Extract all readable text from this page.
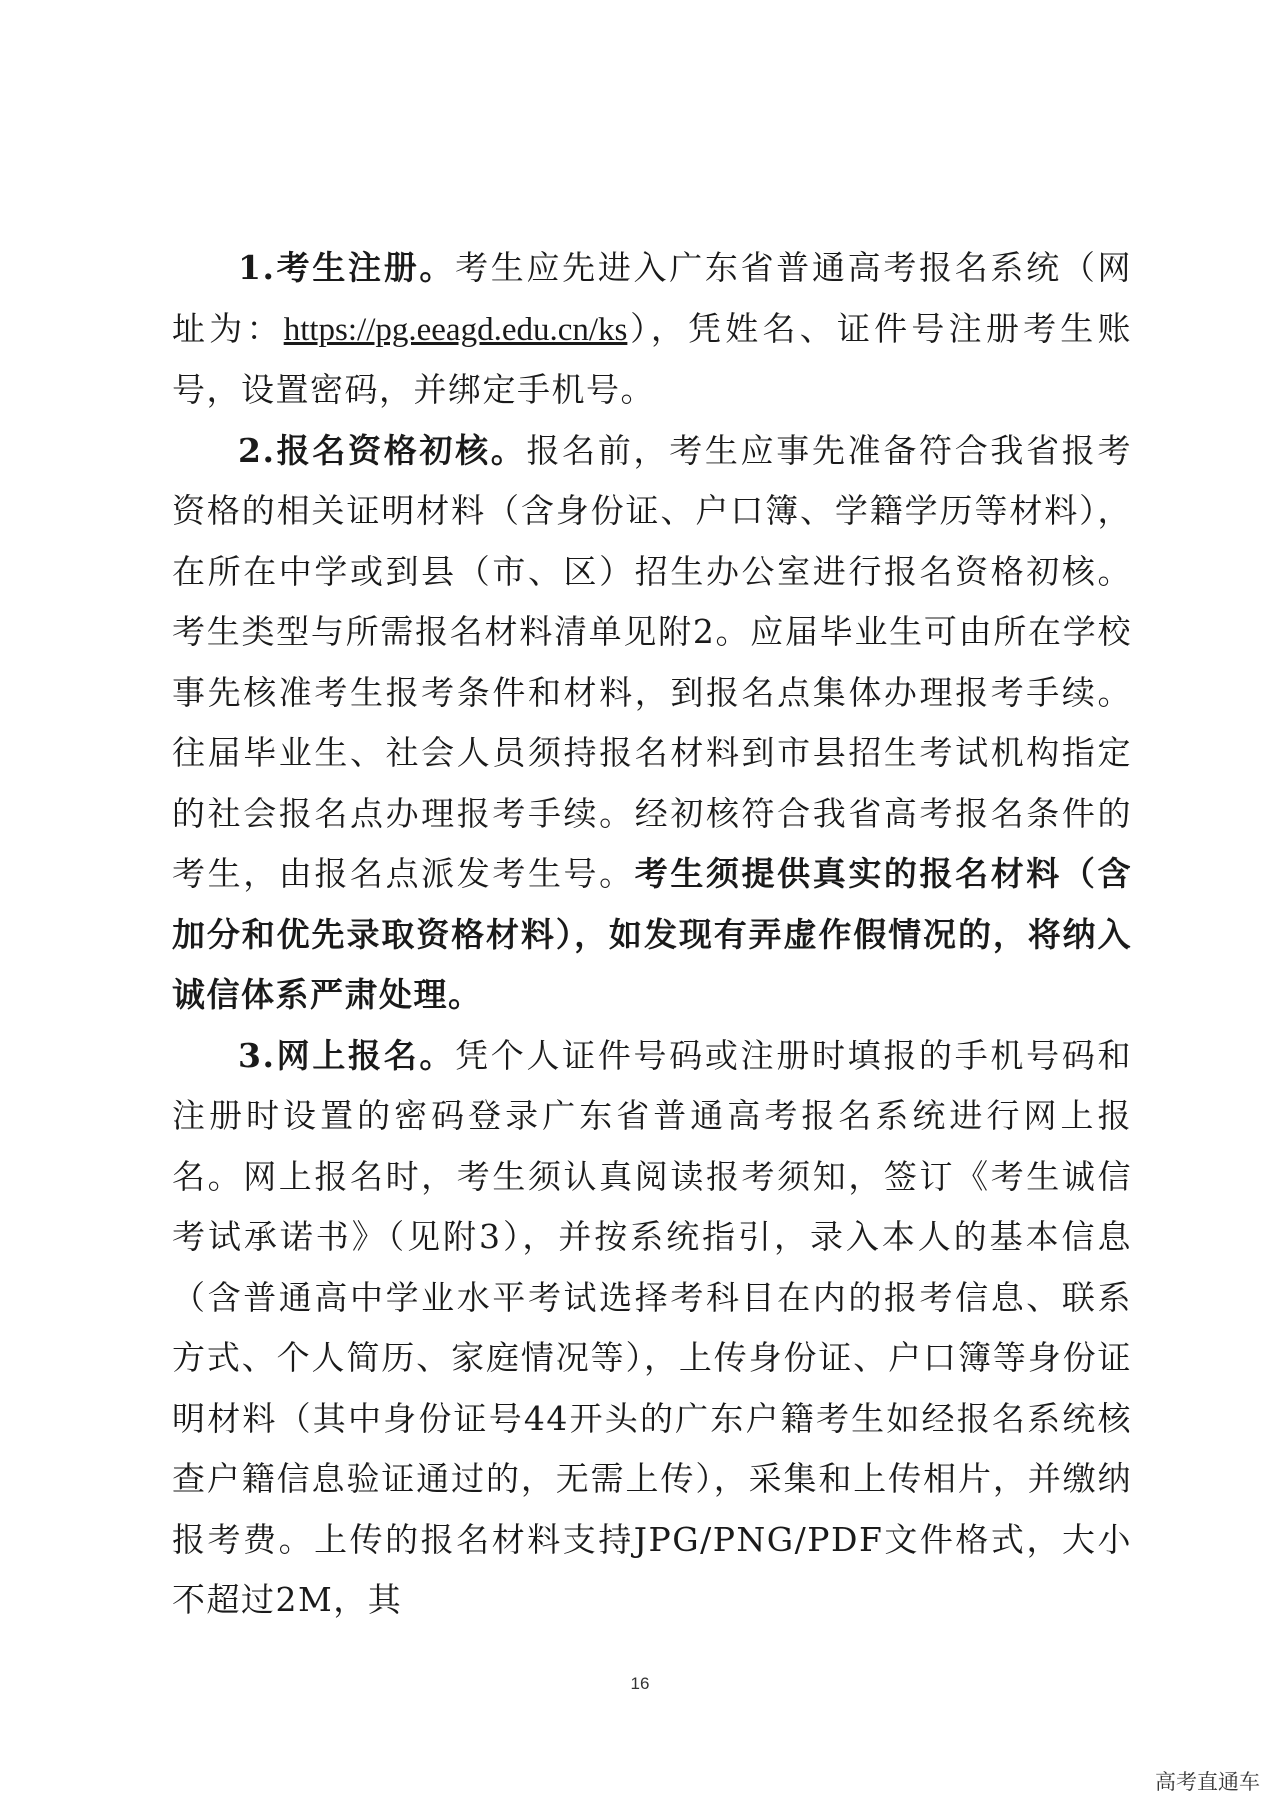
1.考生注册。考生应先进入广东省普通高考报名系统（网址为：https://pg.eeagd.edu.cn/ks），凭姓名、证件号注册考生账号，设置密码，并绑定手机号。

2.报名资格初核。报名前，考生应事先准备符合我省报考资格的相关证明材料（含身份证、户口簿、学籍学历等材料），在所在中学或到县（市、区）招生办公室进行报名资格初核。考生类型与所需报名材料清单见附2。应届毕业生可由所在学校事先核准考生报考条件和材料，到报名点集体办理报考手续。往届毕业生、社会人员须持报名材料到市县招生考试机构指定的社会报名点办理报考手续。经初核符合我省高考报名条件的考生，由报名点派发考生号。考生须提供真实的报名材料（含加分和优先录取资格材料），如发现有弄虚作假情况的，将纳入诚信体系严肃处理。

3.网上报名。凭个人证件号码或注册时填报的手机号码和注册时设置的密码登录广东省普通高考报名系统进行网上报名。网上报名时，考生须认真阅读报考须知，签订《考生诚信考试承诺书》（见附3），并按系统指引，录入本人的基本信息（含普通高中学业水平考试选择考科目在内的报考信息、联系方式、个人简历、家庭情况等），上传身份证、户口簿等身份证明材料（其中身份证号44开头的广东户籍考生如经报名系统核查户籍信息验证通过的，无需上传），采集和上传相片，并缴纳报考费。上传的报名材料支持JPG/PNG/PDF文件格式，大小不超过2M，其

16
高考直通车
